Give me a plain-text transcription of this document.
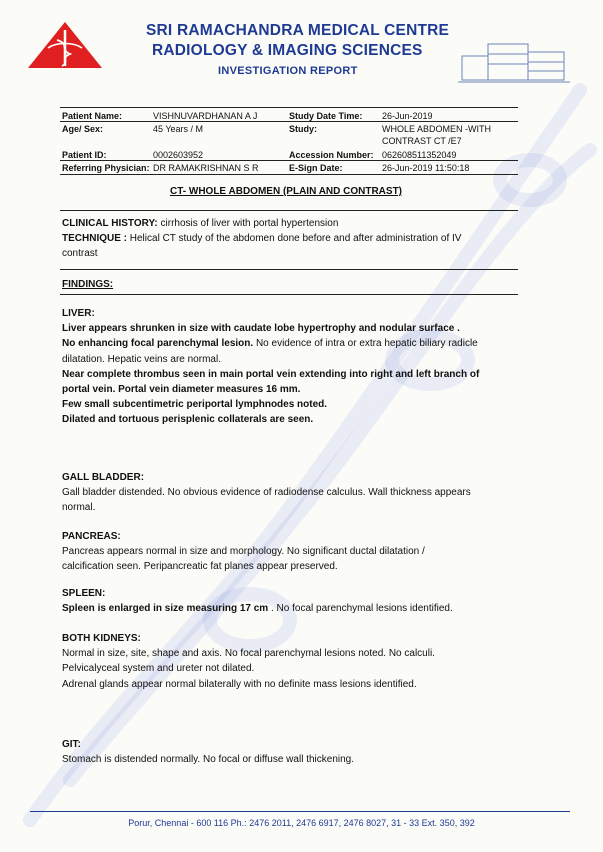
SRI RAMACHANDRA MEDICAL CENTRE
RADIOLOGY & IMAGING SCIENCES
INVESTIGATION REPORT
Patient Name:	VISHNUVARDHANAN A J	Study Date Time: 26-Jun-2019
Age/ Sex:	45 Years / M	Study:	WHOLE ABDOMEN -WITH
CONTRAST CT /E7
Patient ID:	0002603952	Accession Number: 062608511352049
Referring Physician: DR RAMAKRISHNAN S R	E-Sign Date:	26-Jun-2019 11:50:18
CT- WHOLE ABDOMEN (PLAIN AND CONTRAST)
CLINICAL HISTORY: cirrhosis of liver with portal hypertension
TECHNIQUE : Helical CT study of the abdomen done before and after administration of IV
contrast
FINDINGS:
LIVER:
Liver appears shrunken in size with caudate lobe hypertrophy and nodular surface .
No enhancing focal parenchymal lesion. No evidence of intra or extra hepatic biliary radicle
dilatation. Hepatic veins are normal.
Near complete thrombus seen in main portal vein extending into right and left branch of
portal vein. Portal vein diameter measures 16 mm.
Few small subcentimetric periportal lymphnodes noted.
Dilated and tortuous perisplenic collaterals are seen.
GALL BLADDER:
Gall bladder distended. No obvious evidence of radiodense calculus. Wall thickness appears
normal.
PANCREAS:
Pancreas appears normal in size and morphology. No significant ductal dilatation /
calcification seen. Peripancreatic fat planes appear preserved.
SPLEEN:
Spleen is enlarged in size measuring 17 cm . No focal parenchymal lesions identified.
BOTH KIDNEYS:
Normal in size, site, shape and axis. No focal parenchymal lesions noted. No calculi.
Pelvicalyceal system and ureter not dilated.
Adrenal glands appear normal bilaterally with no definite mass lesions identified.
GIT:
Stomach is distended normally. No focal or diffuse wall thickening.
Porur, Chennai - 600 116 Ph.: 2476 2011, 2476 6917, 2476 8027, 31 - 33 Ext. 350, 392
